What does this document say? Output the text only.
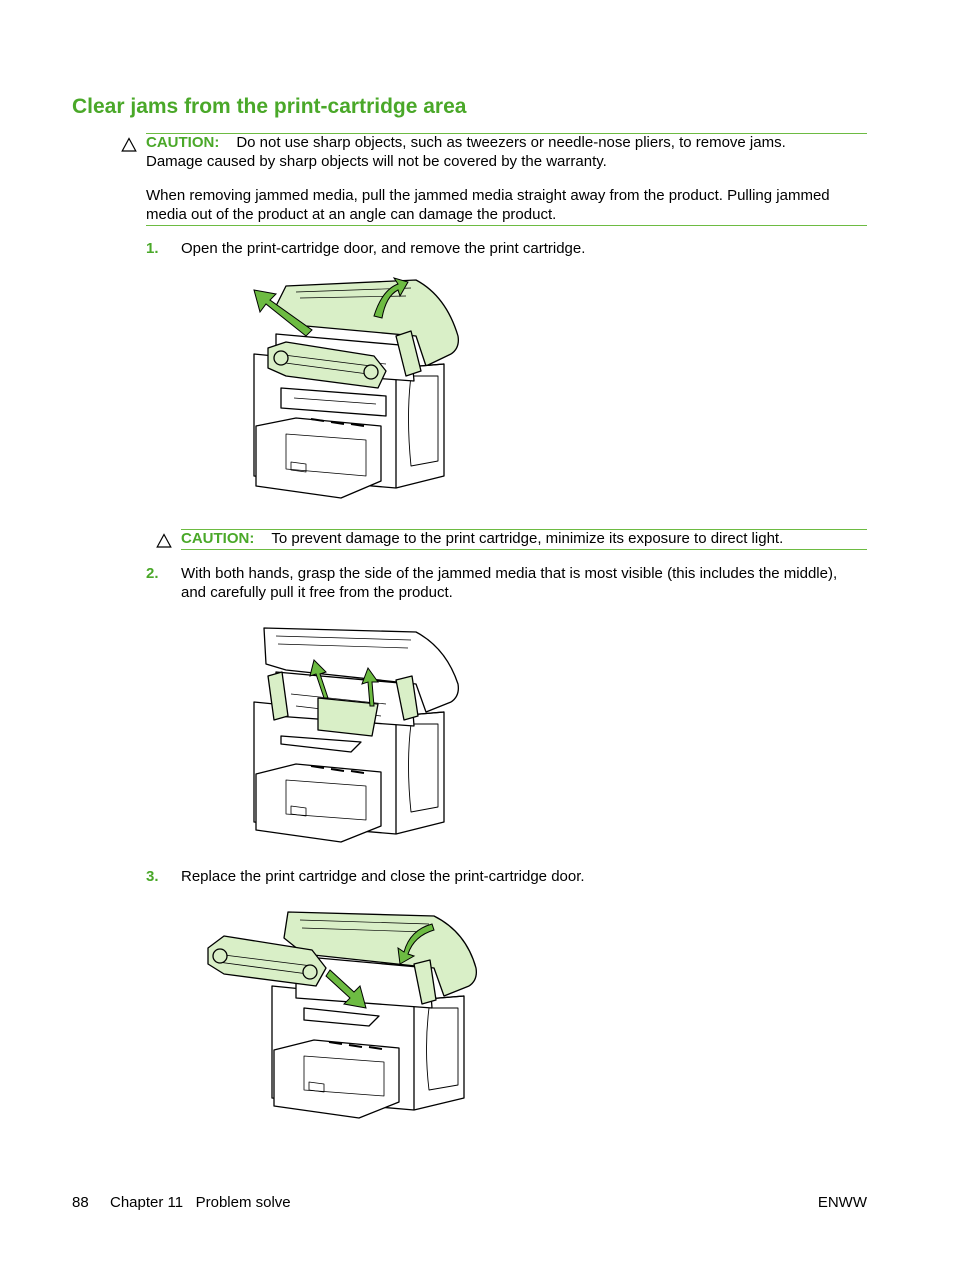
Clear jams from the print-cartridge area
CAUTION: Do not use sharp objects, such as tweezers or needle-nose pliers, to remove jams.
Damage caused by sharp objects will not be covered by the warranty.
When removing jammed media, pull the jammed media straight away from the product. Pulling jammed
media out of the product at an angle can damage the product.
1. Open the print-cartridge door, and remove the print cartridge.
CAUTION: To prevent damage to the print cartridge, minimize its exposure to direct light.
2. With both hands, grasp the side of the jammed media that is most visible (this includes the middle),
and carefully pull it free from the product.
3. Replace the print cartridge and close the print-cartridge door.
88 Chapter 11   Problem solve	ENWW
